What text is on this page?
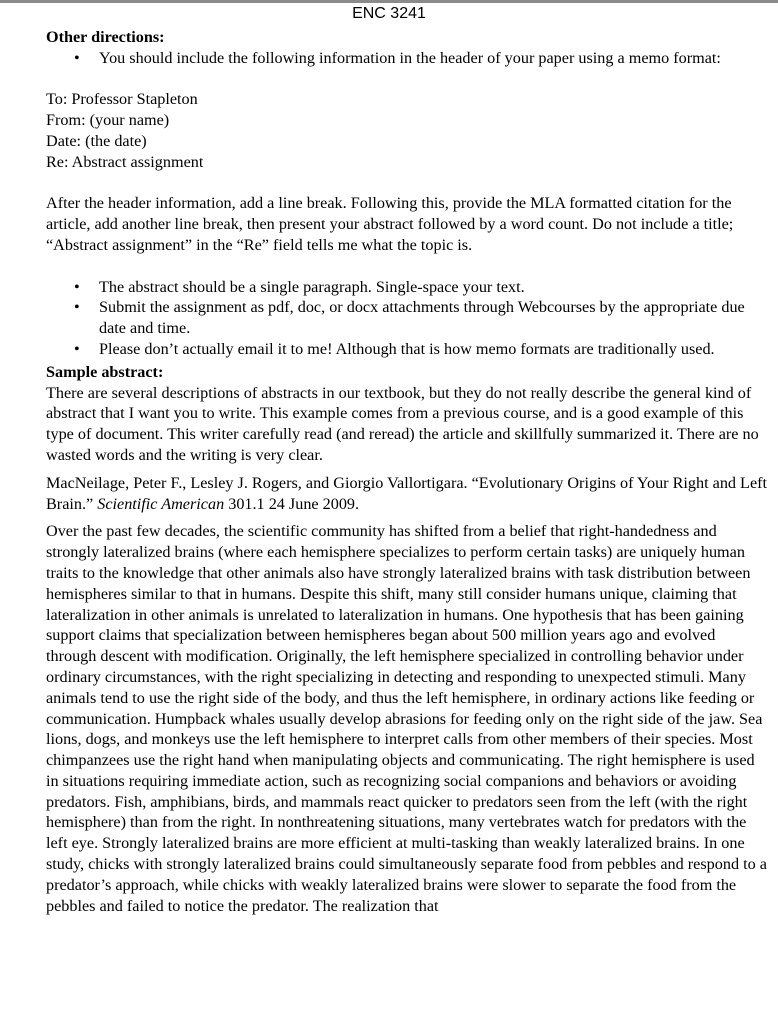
ENC 3241

Other directions:

• You should include the following information in the header of your paper using a memo format:

To: Professor Stapleton

From: (your name)

Date: (the date)

Re: Abstract assignment

After the header information, add a line break. Following this, provide the MLA formatted citation for the article, add another line break, then present your abstract followed by a word count. Do not include a title; “Abstract assignment” in the “Re” field tells me what the topic is.

• The abstract should be a single paragraph. Single-space your text.
• Submit the assignment as pdf, doc, or docx attachments through Webcourses by the appropriate due date and time.
• Please don’t actually email it to me! Although that is how memo formats are traditionally used.

Sample abstract:

There are several descriptions of abstracts in our textbook, but they do not really describe the general kind of abstract that I want you to write. This example comes from a previous course, and is a good example of this type of document. This writer carefully read (and reread) the article and skillfully summarized it. There are no wasted words and the writing is very clear.

MacNeilage, Peter F., Lesley J. Rogers, and Giorgio Vallortigara. “Evolutionary Origins of Your Right and Left Brain.” Scientific American 301.1 24 June 2009.

Over the past few decades, the scientific community has shifted from a belief that right-handedness and strongly lateralized brains (where each hemisphere specializes to perform certain tasks) are uniquely human traits to the knowledge that other animals also have strongly lateralized brains with task distribution between hemispheres similar to that in humans. Despite this shift, many still consider humans unique, claiming that lateralization in other animals is unrelated to lateralization in humans. One hypothesis that has been gaining support claims that specialization between hemispheres began about 500 million years ago and evolved through descent with modification. Originally, the left hemisphere specialized in controlling behavior under ordinary circumstances, with the right specializing in detecting and responding to unexpected stimuli. Many animals tend to use the right side of the body, and thus the left hemisphere, in ordinary actions like feeding or communication. Humpback whales usually develop abrasions for feeding only on the right side of the jaw. Sea lions, dogs, and monkeys use the left hemisphere to interpret calls from other members of their species. Most chimpanzees use the right hand when manipulating objects and communicating. The right hemisphere is used in situations requiring immediate action, such as recognizing social companions and behaviors or avoiding predators. Fish, amphibians, birds, and mammals react quicker to predators seen from the left (with the right hemisphere) than from the right. In nonthreatening situations, many vertebrates watch for predators with the left eye. Strongly lateralized brains are more efficient at multi-tasking than weakly lateralized brains. In one study, chicks with strongly lateralized brains could simultaneously separate food from pebbles and respond to a predator’s approach, while chicks with weakly lateralized brains were slower to separate the food from the pebbles and failed to notice the predator. The realization that
